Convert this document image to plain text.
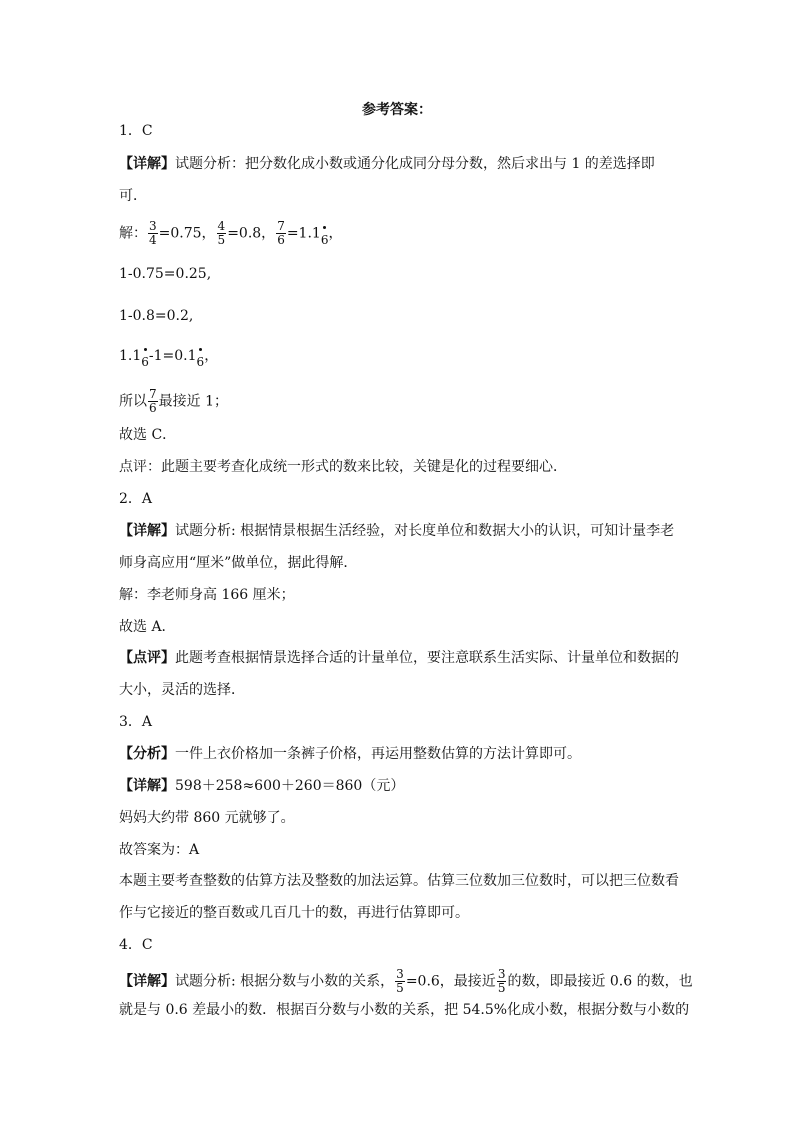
参考答案：
1．C
【详解】试题分析：把分数化成小数或通分化成同分母分数，然后求出与 1 的差选择即
可．
解： $\frac{3}{4} =0.75$， $\frac{4}{5} =0.8$， $\frac{7}{6} =1.16$，
1-0.75=0.25,
1-0.8=0.2,
1.16-1=0.16，
所以 $\frac{7}{6}$ 最接近 1；
故选 C．
点评：此题主要考查化成统一形式的数来比较，关键是化的过程要细心．
2．A
【详解】试题分析: 根据情景根据生活经验，对长度单位和数据大小的认识，可知计量李老
师身高应用“厘米”做单位，据此得解．
解：李老师身高 166 厘米；
故选 A．
【点评】此题考查根据情景选择合适的计量单位，要注意联系生活实际、计量单位和数据的
大小，灵活的选择．
3．A
【分析】一件上衣价格加一条裤子价格，再运用整数估算的方法计算即可。
【详解】598＋258≈600＋260＝860（元）
妈妈大约带 860 元就够了。
故答案为：A
本题主要考查整数的估算方法及整数的加法运算。估算三位数加三位数时，可以把三位数看
作与它接近的整百数或几百几十的数，再进行估算即可。
4．C
【详解】试题分析: 根据分数与小数的关系， $\frac{3}{5} =0.6$，最接近 $\frac{3}{5}$ 的数，即最接近 0.6 的数，也
就是与 0.6 差最小的数．根据百分数与小数的关系，把 54.5%化成小数，根据分数与小数的
